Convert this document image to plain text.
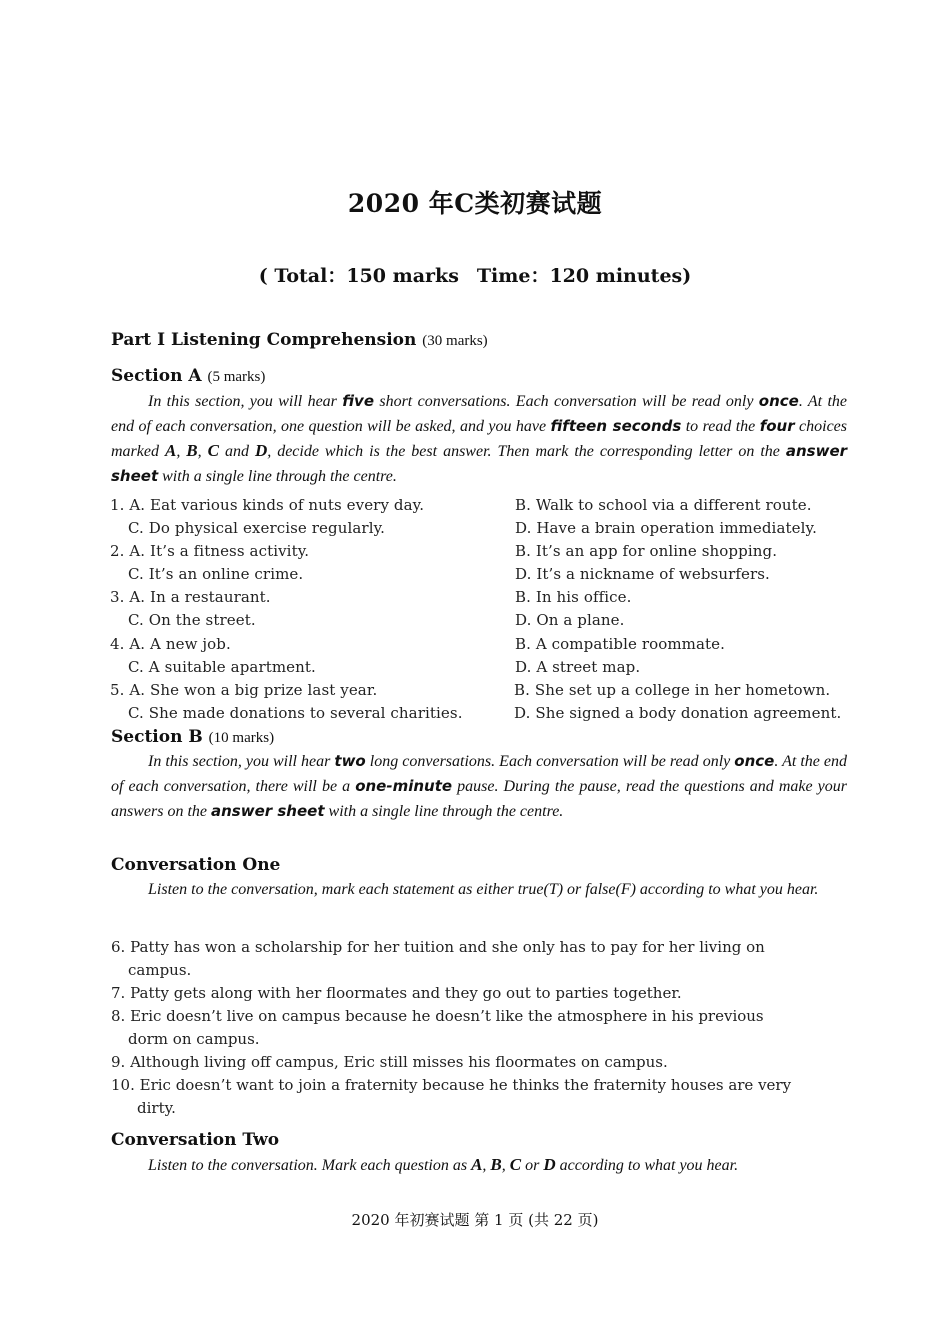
2020 年C类初赛试题
( Total：150 marks Time：120 minutes)
Part I Listening Comprehension (30 marks)
Section A (5 marks)
In this section, you will hear five short conversations. Each conversation will be read only once. At the end of each conversation, one question will be asked, and you have fifteen seconds to read the four choices marked A, B, C and D, decide which is the best answer. Then mark the corresponding letter on the answer sheet with a single line through the centre.
1. A. Eat various kinds of nuts every day.	B. Walk to school via a different route.
C. Do physical exercise regularly.	D. Have a brain operation immediately.
2. A. It’s a fitness activity.	B. It’s an app for online shopping.
C. It’s an online crime.	D. It’s a nickname of websurfers.
3. A. In a restaurant.	B. In his office.
C. On the street.	D. On a plane.
4. A. A new job.	B. A compatible roommate.
C. A suitable apartment.	D. A street map.
5. A. She won a big prize last year.	B. She set up a college in her hometown.
C. She made donations to several charities.	D. She signed a body donation agreement.
Section B (10 marks)
In this section, you will hear two long conversations. Each conversation will be read only once. At the end of each conversation, there will be a one-minute pause. During the pause, read the questions and make your answers on the answer sheet with a single line through the centre.
Conversation One
Listen to the conversation, mark each statement as either true(T) or false(F) according to what you hear.
6. Patty has won a scholarship for her tuition and she only has to pay for her living on
campus.
7. Patty gets along with her floormates and they go out to parties together.
8. Eric doesn’t live on campus because he doesn’t like the atmosphere in his previous
dorm on campus.
9. Although living off campus, Eric still misses his floormates on campus.
10. Eric doesn’t want to join a fraternity because he thinks the fraternity houses are very
dirty.
Conversation Two
Listen to the conversation. Mark each question as A, B, C or D according to what you hear.
2020 年初赛试题 第 1 页 (共 22 页)
